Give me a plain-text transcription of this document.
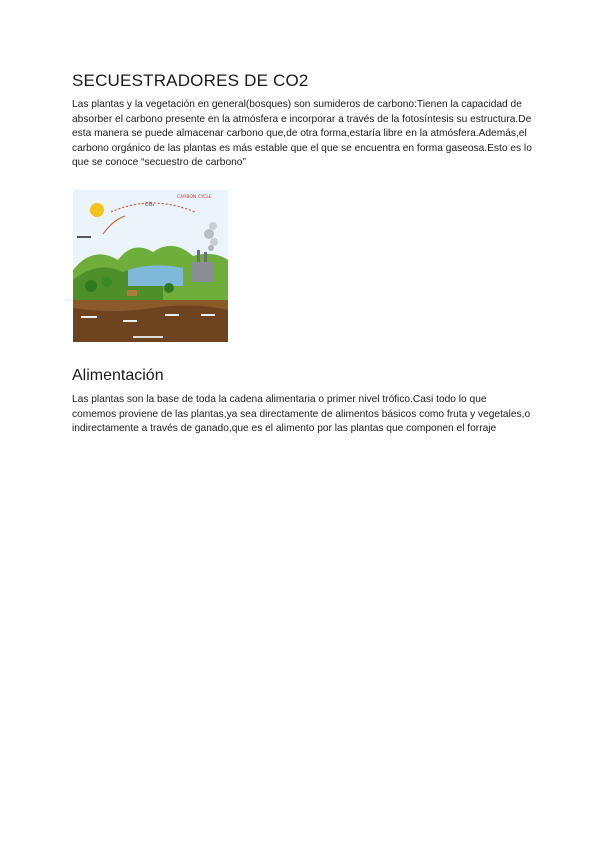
SECUESTRADORES DE CO2

Las plantas y la vegetación en general(bosques) son sumideros de carbono:Tienen la capacidad de absorber el carbono presente en la atmósfera e incorporar a través de la fotosíntesis su estructura.De esta manera se puede almacenar carbono que,de otra forma,estaría libre en la atmósfera.Además,el carbono orgánico de las plantas es más estable que el que se encuentra en forma gaseosa.Esto es lo que se conoce “secuestro de carbono”

CO₂
CARBON CYCLE
Alimentación

Las plantas son la base de toda la cadena alimentaria o primer nivel trófico.Casi todo lo que comemos proviene de las plantas,ya sea directamente de alimentos básicos como fruta y vegetales,o indirectamente a través de ganado,que es el alimento por las plantas que componen el forraje
